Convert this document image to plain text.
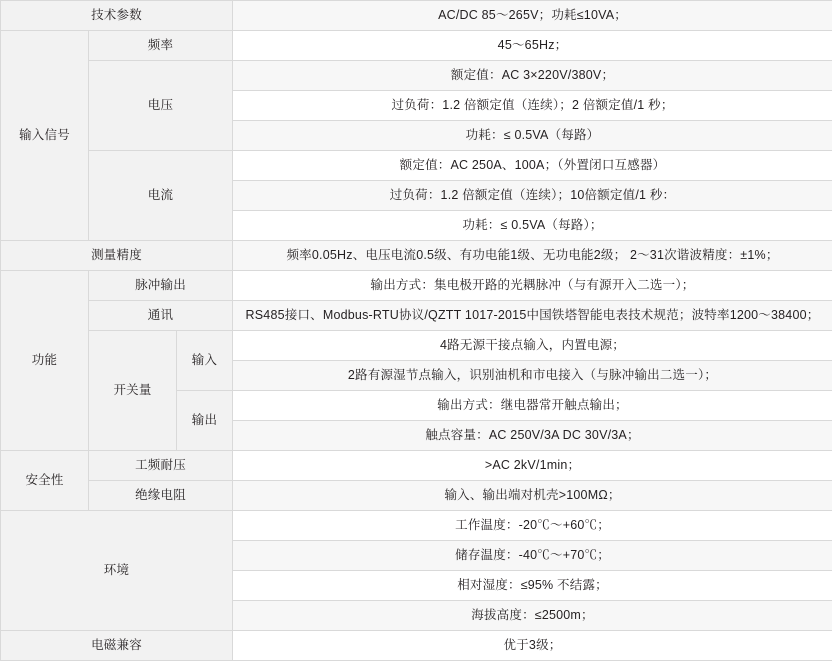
技术参数			AC/DC 85～265V；功耗≤10VA；
输入信号	频率		45～65Hz；
	电压		额定值：AC 3×220V/380V；
			过负荷：1.2 倍额定值（连续）；2 倍额定值/1 秒；
			功耗：≤ 0.5VA（每路）
	电流		额定值：AC 250A、100A；（外置闭口互感器）
			过负荷：1.2 倍额定值（连续）；10倍额定值/1 秒：
			功耗：≤ 0.5VA（每路）；
测量精度			频率0.05Hz、电压电流0.5级、有功电能1级、无功电能2级； 2～31次谐波精度：±1%；
功能	脉冲输出		输出方式：集电极开路的光耦脉冲（与有源开入二选一）；
	通讯		RS485接口、Modbus-RTU协议/QZTT 1017-2015中国铁塔智能电表技术规范；波特率1200～38400；
	开关量	输入	4路无源干接点输入，内置电源；
			2路有源湿节点输入，识别油机和市电接入（与脉冲输出二选一）；
		输出	输出方式：继电器常开触点输出；
			触点容量：AC 250V/3A DC 30V/3A；
安全性	工频耐压		>AC 2kV/1min；
	绝缘电阻		输入、输出端对机壳>100MΩ；
环境			工作温度：-20℃～+60℃；
			储存温度：-40℃～+70℃；
			相对湿度：≤95% 不结露；
			海拔高度：≤2500m；
电磁兼容			优于3级；
